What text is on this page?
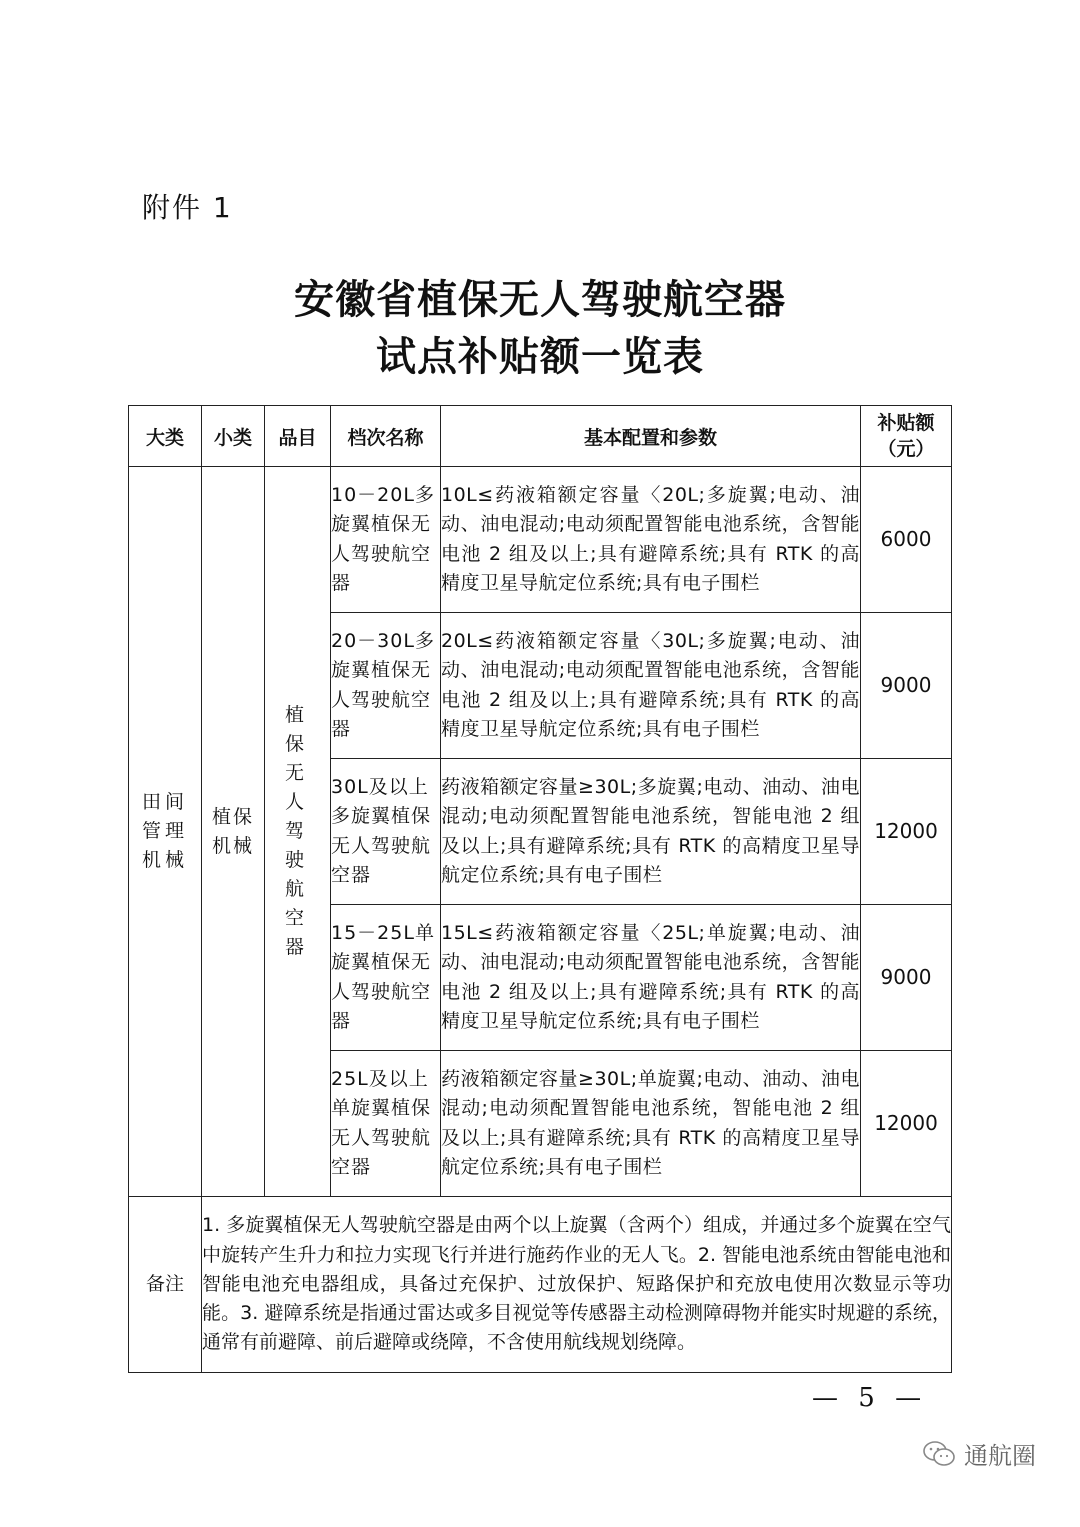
附件 1
安徽省植保无人驾驶航空器
试点补贴额一览表
大类	小类	品目	档次名称	基本配置和参数	补贴额
（元）

田间管理机械	植保机械	植保无人驾驶航空器	10－20L多旋翼植保无人驾驶航空器	10L≤药液箱额定容量〈20L;多旋翼;电动、油动、油电混动;电动须配置智能电池系统，含智能电池 2 组及以上;具有避障系统;具有 RTK 的高精度卫星导航定位系统;具有电子围栏	6000
			20－30L多旋翼植保无人驾驶航空器	20L≤药液箱额定容量〈30L;多旋翼;电动、油动、油电混动;电动须配置智能电池系统，含智能电池 2 组及以上;具有避障系统;具有 RTK 的高精度卫星导航定位系统;具有电子围栏	9000
			30L及以上多旋翼植保无人驾驶航空器	药液箱额定容量≥30L;多旋翼;电动、油动、油电混动;电动须配置智能电池系统，智能电池 2 组及以上;具有避障系统;具有 RTK 的高精度卫星导航定位系统;具有电子围栏	12000
			15－25L单旋翼植保无人驾驶航空器	15L≤药液箱额定容量〈25L;单旋翼;电动、油动、油电混动;电动须配置智能电池系统，含智能电池 2 组及以上;具有避障系统;具有 RTK 的高精度卫星导航定位系统;具有电子围栏	9000
			25L及以上单旋翼植保无人驾驶航空器	药液箱额定容量≥30L;单旋翼;电动、油动、油电混动;电动须配置智能电池系统，智能电池 2 组及以上;具有避障系统;具有 RTK 的高精度卫星导航定位系统;具有电子围栏	12000
备注	1. 多旋翼植保无人驾驶航空器是由两个以上旋翼（含两个）组成，并通过多个旋翼在空气中旋转产生升力和拉力实现飞行并进行施药作业的无人飞。2. 智能电池系统由智能电池和智能电池充电器组成，具备过充保护、过放保护、短路保护和充放电使用次数显示等功能。3. 避障系统是指通过雷达或多目视觉等传感器主动检测障碍物并能实时规避的系统，通常有前避障、前后避障或绕障，不含使用航线规划绕障。				
— 5 —
通航圈
